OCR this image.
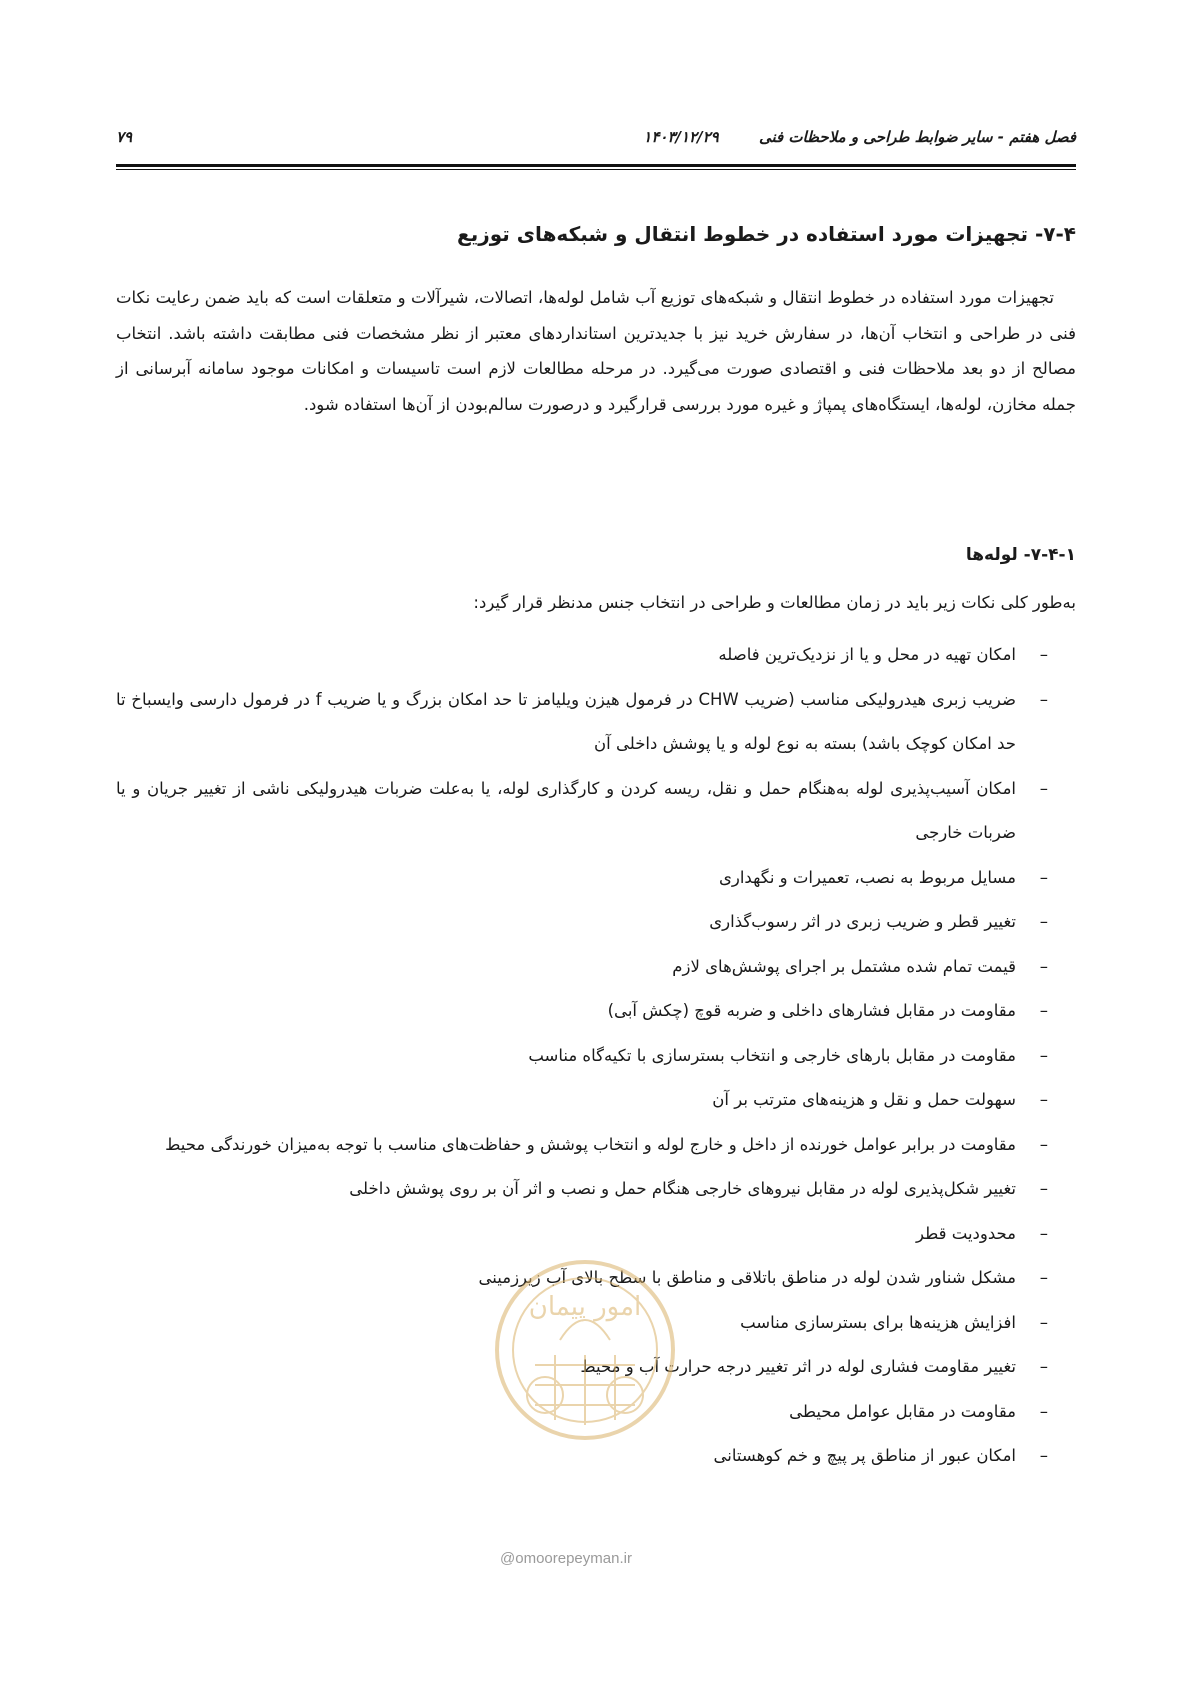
فصل هفتم - سایر ضوابط طراحی و ملاحظات فنی
۱۴۰۳/۱۲/۲۹
۷۹
۷-۴- تجهیزات مورد استفاده در خطوط انتقال و شبکه‌های توزیع
تجهیزات مورد استفاده در خطوط انتقال و شبکه‌های توزیع آب شامل لوله‌ها، اتصالات، شیرآلات و متعلقات است که باید ضمن رعایت نکات فنی در طراحی و انتخاب آن‌ها، در سفارش خرید نیز با جدیدترین استانداردهای معتبر از نظر مشخصات فنی مطابقت داشته باشد. انتخاب مصالح از دو بعد ملاحظات فنی و اقتصادی صورت می‌گیرد. در مرحله مطالعات لازم است تاسیسات و امکانات موجود سامانه آبرسانی از جمله مخازن، لوله‌ها، ایستگاه‌های پمپاژ و غیره مورد بررسی قرارگیرد و درصورت سالم‌بودن از آن‌ها استفاده شود.
۷-۴-۱- لوله‌ها
به‌طور کلی نکات زیر باید در زمان مطالعات و طراحی در انتخاب جنس مدنظر قرار گیرد:
–
امکان تهیه در محل و یا از نزدیک‌ترین فاصله
–
ضریب زبری هیدرولیکی مناسب (ضریب CHW در فرمول هیزن ویلیامز تا حد امکان بزرگ و یا ضریب f در فرمول دارسی وایسباخ تا حد امکان کوچک باشد) بسته به نوع لوله و یا پوشش داخلی آن
–
امکان آسیب‌پذیری لوله به‌هنگام حمل و نقل، ریسه کردن و کارگذاری لوله، یا به‌علت ضربات هیدرولیکی ناشی از تغییر جریان و یا ضربات خارجی
–
مسایل مربوط به نصب، تعمیرات و نگهداری
–
تغییر قطر و ضریب زبری در اثر رسوب‌گذاری
–
قیمت تمام شده مشتمل بر اجرای پوشش‌های لازم
–
مقاومت در مقابل فشارهای داخلی و ضربه قوچ (چکش آبی)
–
مقاومت در مقابل بارهای خارجی و انتخاب بسترسازی با تکیه‌گاه مناسب
–
سهولت حمل و نقل و هزینه‌های مترتب بر آن
–
مقاومت در برابر عوامل خورنده از داخل و خارج لوله و انتخاب پوشش و حفاظت‌های مناسب با توجه به‌میزان خورندگی محیط
–
تغییر شکل‌پذیری لوله در مقابل نیروهای خارجی هنگام حمل و نصب و اثر آن بر روی پوشش داخلی
–
محدودیت قطر
–
مشکل شناور شدن لوله در مناطق باتلاقی و مناطق با سطح بالای آب زیرزمینی
–
افزایش هزینه‌ها برای بسترسازی مناسب
–
تغییر مقاومت فشاری لوله در اثر تغییر درجه حرارت آب و محیط
–
مقاومت در مقابل عوامل محیطی
–
امکان عبور از مناطق پر پیچ و خم کوهستانی
امور پیمان
@omoorepeyman.ir
